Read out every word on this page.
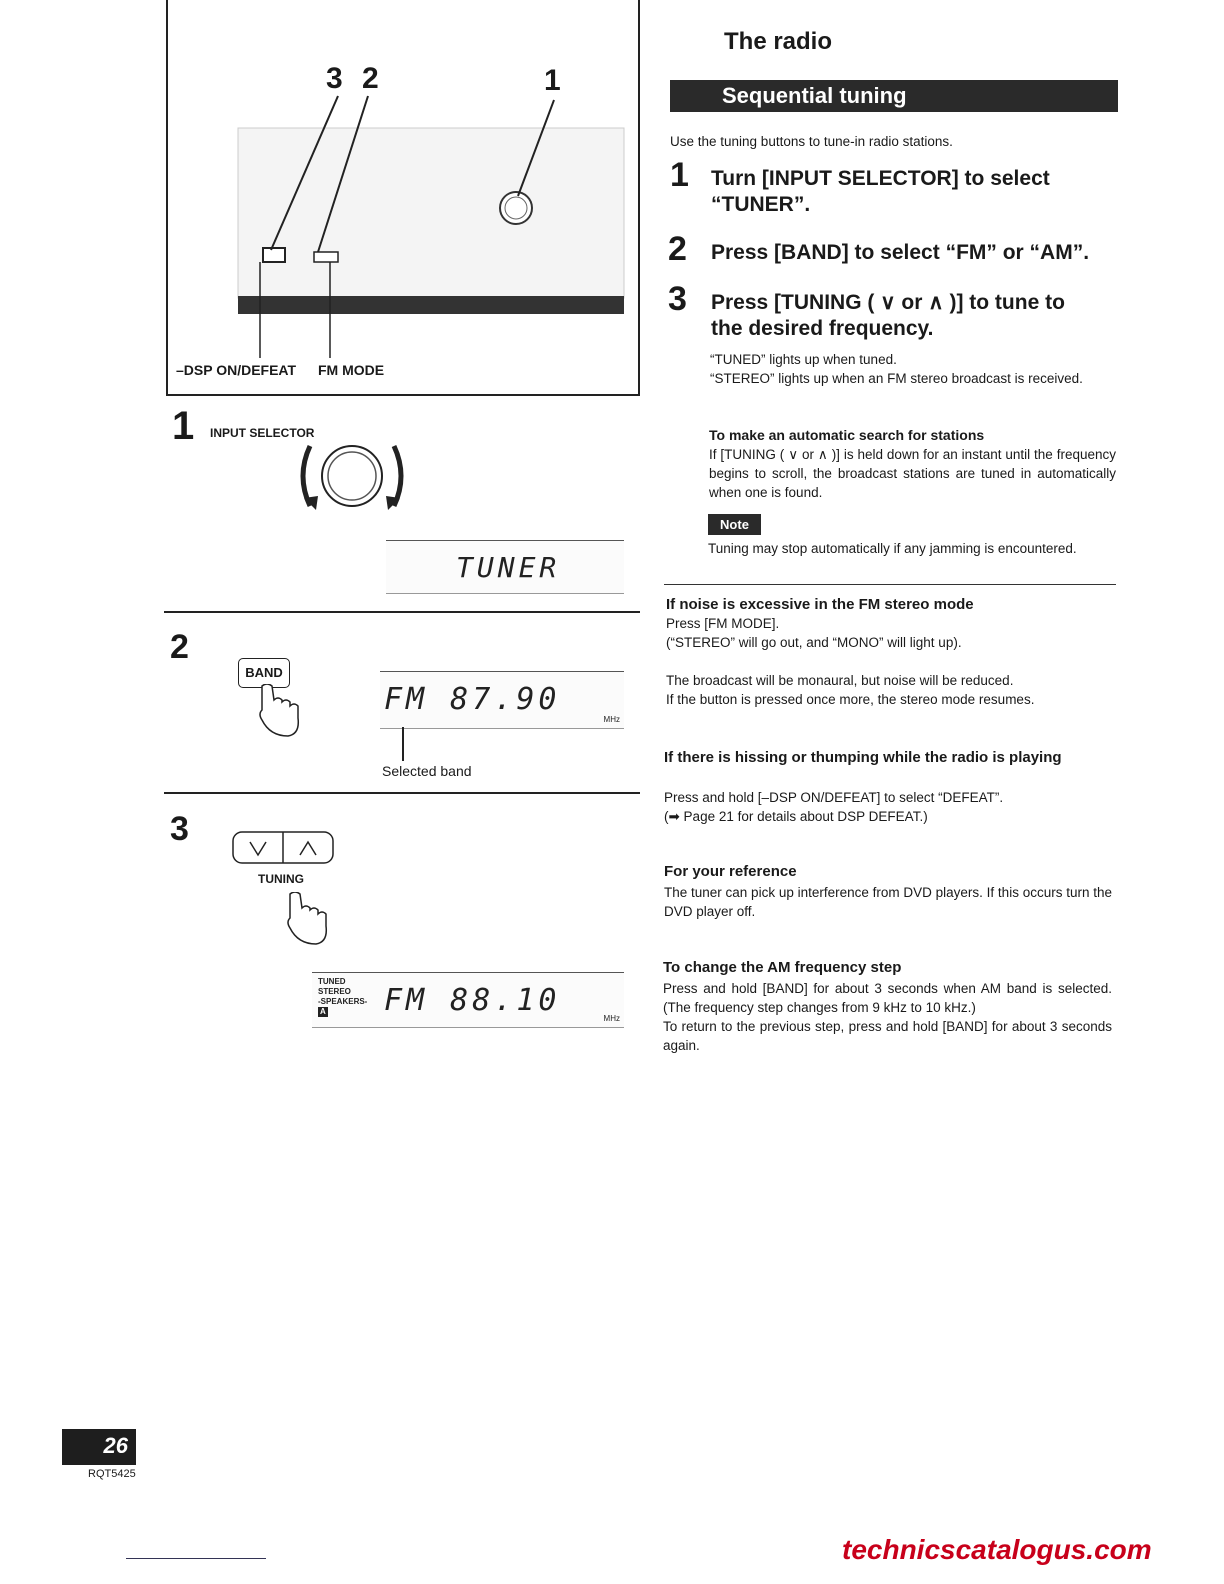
3 2	1
–DSP ON/DEFEAT FM MODE
1 INPUT SELECTOR
TUNER
2
BAND
FM 87.90
MHz
Selected band
3
TUNING
TUNED
STEREO
-SPEAKERS-
A	FM 88.10
MHz
The radio
Sequential tuning
Use the tuning buttons to tune-in radio stations.
1 Turn [INPUT SELECTOR] to select
“TUNER”.
2 Press [BAND] to select “FM” or “AM”.
3 Press [TUNING ( ∨ or ∧ )] to tune to
the desired frequency.
“TUNED” lights up when tuned.
“STEREO” lights up when an FM stereo broadcast is received.
To make an automatic search for stations
If [TUNING ( ∨ or ∧ )] is held down for an instant until the frequency begins to scroll, the broadcast stations are tuned in automatically when one is found.
Note
Tuning may stop automatically if any jamming is encountered.
If noise is excessive in the FM stereo mode
Press [FM MODE].
(“STEREO” will go out, and “MONO” will light up).
The broadcast will be monaural, but noise will be reduced.
If the button is pressed once more, the stereo mode resumes.
If there is hissing or thumping while the radio is playing
Press and hold [–DSP ON/DEFEAT] to select “DEFEAT”.
(➡ Page 21 for details about DSP DEFEAT.)
For your reference
The tuner can pick up interference from DVD players. If this occurs turn the DVD player off.
To change the AM frequency step
Press and hold [BAND] for about 3 seconds when AM band is selected. (The frequency step changes from 9 kHz to 10 kHz.)
To return to the previous step, press and hold [BAND] for about 3 seconds again.
26
RQT5425
technicscatalogus.com
